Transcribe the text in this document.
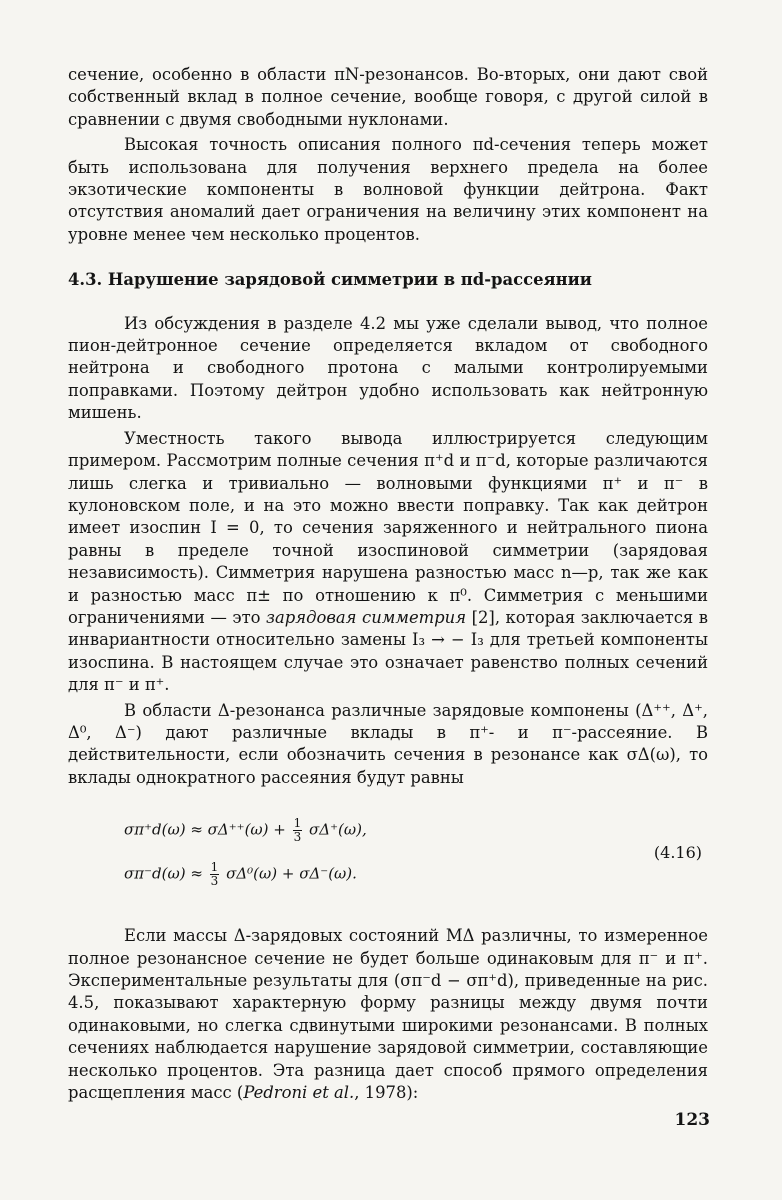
сечение, особенно в области πN-резонансов. Во-вторых, они дают свой собственный вклад в полное сечение, вообще говоря, с другой силой в сравнении с двумя свободными нуклонами.

Высокая точность описания полного πd-сечения теперь может быть использована для получения верхнего предела на более экзотические компоненты в волновой функции дейтрона. Факт отсутствия аномалий дает ограничения на величину этих компонент на уровне менее чем несколько процентов.

4.3. Нарушение зарядовой симметрии в πd-рассеянии

Из обсуждения в разделе 4.2 мы уже сделали вывод, что полное пион-дейтронное сечение определяется вкладом от свободного нейтрона и свободного протона с малыми контролируемыми поправками. Поэтому дейтрон удобно использовать как нейтронную мишень.

Уместность такого вывода иллюстрируется следующим примером. Рассмотрим полные сечения π⁺d и π⁻d, которые различаются лишь слегка и тривиально — волновыми функциями π⁺ и π⁻ в кулоновском поле, и на это можно ввести поправку. Так как дейтрон имеет изоспин I = 0, то сечения заряженного и нейтрального пиона равны в пределе точной изоспиновой симметрии (зарядовая независимость). Симметрия нарушена разностью масс n—p, так же как и разностью масс π± по отношению к π⁰. Симметрия с меньшими ограничениями — это зарядовая симметрия [2], которая заключается в инвариантности относительно замены I₃ → − I₃ для третьей компоненты изоспина. В настоящем случае это означает равенство полных сечений для π⁻ и π⁺.

В области Δ-резонанса различные зарядовые компонены (Δ⁺⁺, Δ⁺, Δ⁰, Δ⁻) дают различные вклады в π⁺- и π⁻-рассеяние. В действительности, если обозначить сечения в резонансе как σΔ(ω), то вклады однократного рассеяния будут равны

$\sigma\pi^+d(\omega) \approx \sigma\Delta^{++}(\omega) + \frac{1}{3} \sigma\Delta^+(\omega)$,
$\sigma\pi^-d(\omega) \approx \frac{1}{3} \sigma\Delta^0(\omega) + \sigma\Delta^-(\omega)$.
(4.16)

Если массы Δ-зарядовых состояний MΔ различны, то измеренное полное резонансное сечение не будет больше одинаковым для π⁻ и π⁺. Экспериментальные результаты для (σπ⁻d − σπ⁺d), приведенные на рис. 4.5, показывают характерную форму разницы между двумя почти одинаковыми, но слегка сдвинутыми широкими резонансами. В полных сечениях наблюдается нарушение зарядовой симметрии, составляющие несколько процентов. Эта разница дает способ прямого определения расщепления масс (Pedroni et al., 1978):

123
